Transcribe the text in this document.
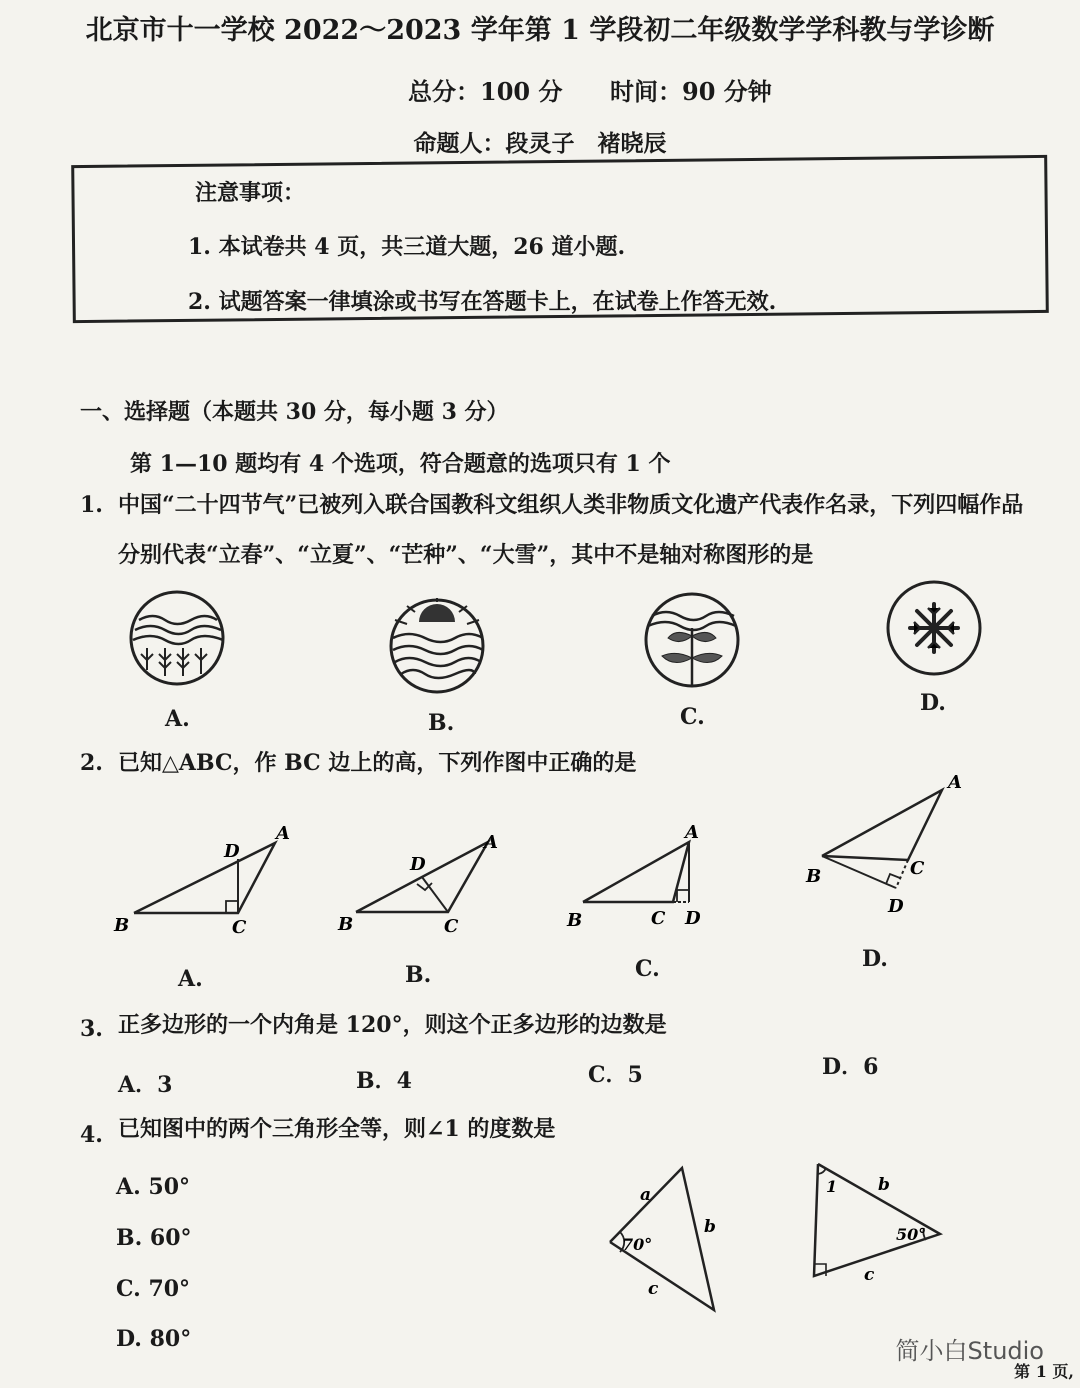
北京市十一学校 2022～2023 学年第 1 学段初二年级数学学科教与学诊断
总分：100 分 时间：90 分钟
命题人：段灵子　褚晓辰
注意事项：
1. 本试卷共 4 页，共三道大题，26 道小题.
2. 试题答案一律填涂或书写在答题卡上，在试卷上作答无效.
一、选择题（本题共 30 分，每小题 3 分）
第 1—10 题均有 4 个选项，符合题意的选项只有 1 个
1. 中国“二十四节气”已被列入联合国教科文组织人类非物质文化遗产代表作名录，下列四幅作品
分别代表“立春”、“立夏”、“芒种”、“大雪”，其中不是轴对称图形的是
A.	B.	C.
D.
2. 已知△ABC，作 BC 边上的高，下列作图中正确的是
B	C
A
D
A.
B	C
A
D
B.
B	C
A
D
C.
B	C
A
D
D.
3. 正多边形的一个内角是 120°，则这个正多边形的边数是
A．3	B．4	C．5	D．6
4. 已知图中的两个三角形全等，则∠1 的度数是
A. 50°
B. 60°
C. 70°
D. 80°
70°
a
b
c
1
50°
b
c
简小白Studio
第 1 页,
